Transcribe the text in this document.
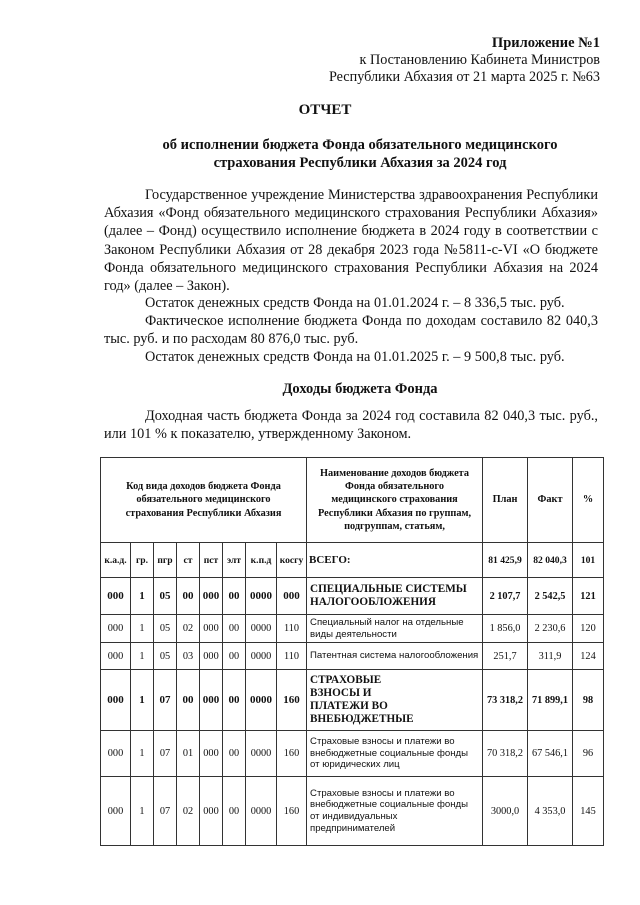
Приложение №1
к Постановлению Кабинета Министров
Республики Абхазия от 21 марта 2025 г. №63
ОТЧЕТ
об исполнении бюджета Фонда обязательного медицинского
страхования Республики Абхазия за 2024 год
Государственное учреждение Министерства здравоохранения Республики Абхазия «Фонд обязательного медицинского страхования Республики Абхазия» (далее – Фонд) осуществило исполнение бюджета в 2024 году в соответствии с Законом Республики Абхазия от 28 декабря 2023 года №5811-с-VI «О бюджете Фонда обязательного медицинского страхования Республики Абхазия на 2024 год» (далее – Закон).
Остаток денежных средств Фонда на 01.01.2024 г. – 8 336,5 тыс. руб.
Фактическое исполнение бюджета Фонда по доходам составило 82 040,3 тыс. руб. и по расходам 80 876,0 тыс. руб.
Остаток денежных средств Фонда на 01.01.2025 г. – 9 500,8 тыс. руб.
Доходы бюджета Фонда
Доходная часть бюджета Фонда за 2024 год составила 82 040,3 тыс. руб., или 101 % к показателю, утвержденному Законом.
Код вида доходов бюджета Фонда обязательного медицинского страхования Республики Абхазия								Наименование доходов бюджета Фонда обязательного медицинского страхования Республики Абхазия по группам, подгруппам, статьям,	План	Факт	%
к.а.д.	гр.	пгр	ст	пст	элт	к.п.д	косгу	ВСЕГО:	81 425,9	82 040,3	101
000	1	05	00	000	00	0000	000	СПЕЦИАЛЬНЫЕ СИСТЕМЫ НАЛОГООБЛОЖЕНИЯ	2 107,7	2 542,5	121
000	1	05	02	000	00	0000	110	Специальный налог на отдельные виды деятельности	1 856,0	2 230,6	120
000	1	05	03	000	00	0000	110	Патентная система налогообложения	251,7	311,9	124
000	1	07	00	000	00	0000	160	СТРАХОВЫЕ ВЗНОСЫ И ПЛАТЕЖИ ВО ВНЕБЮДЖЕТНЫЕ	73 318,2	71 899,1	98
000	1	07	01	000	00	0000	160	Страховые взносы и платежи во внебюджетные социальные фонды от юридических лиц	70 318,2	67 546,1	96
000	1	07	02	000	00	0000	160	Страховые взносы и платежи во внебюджетные социальные фонды от индивидуальных предпринимателей	3000,0	4 353,0	145
